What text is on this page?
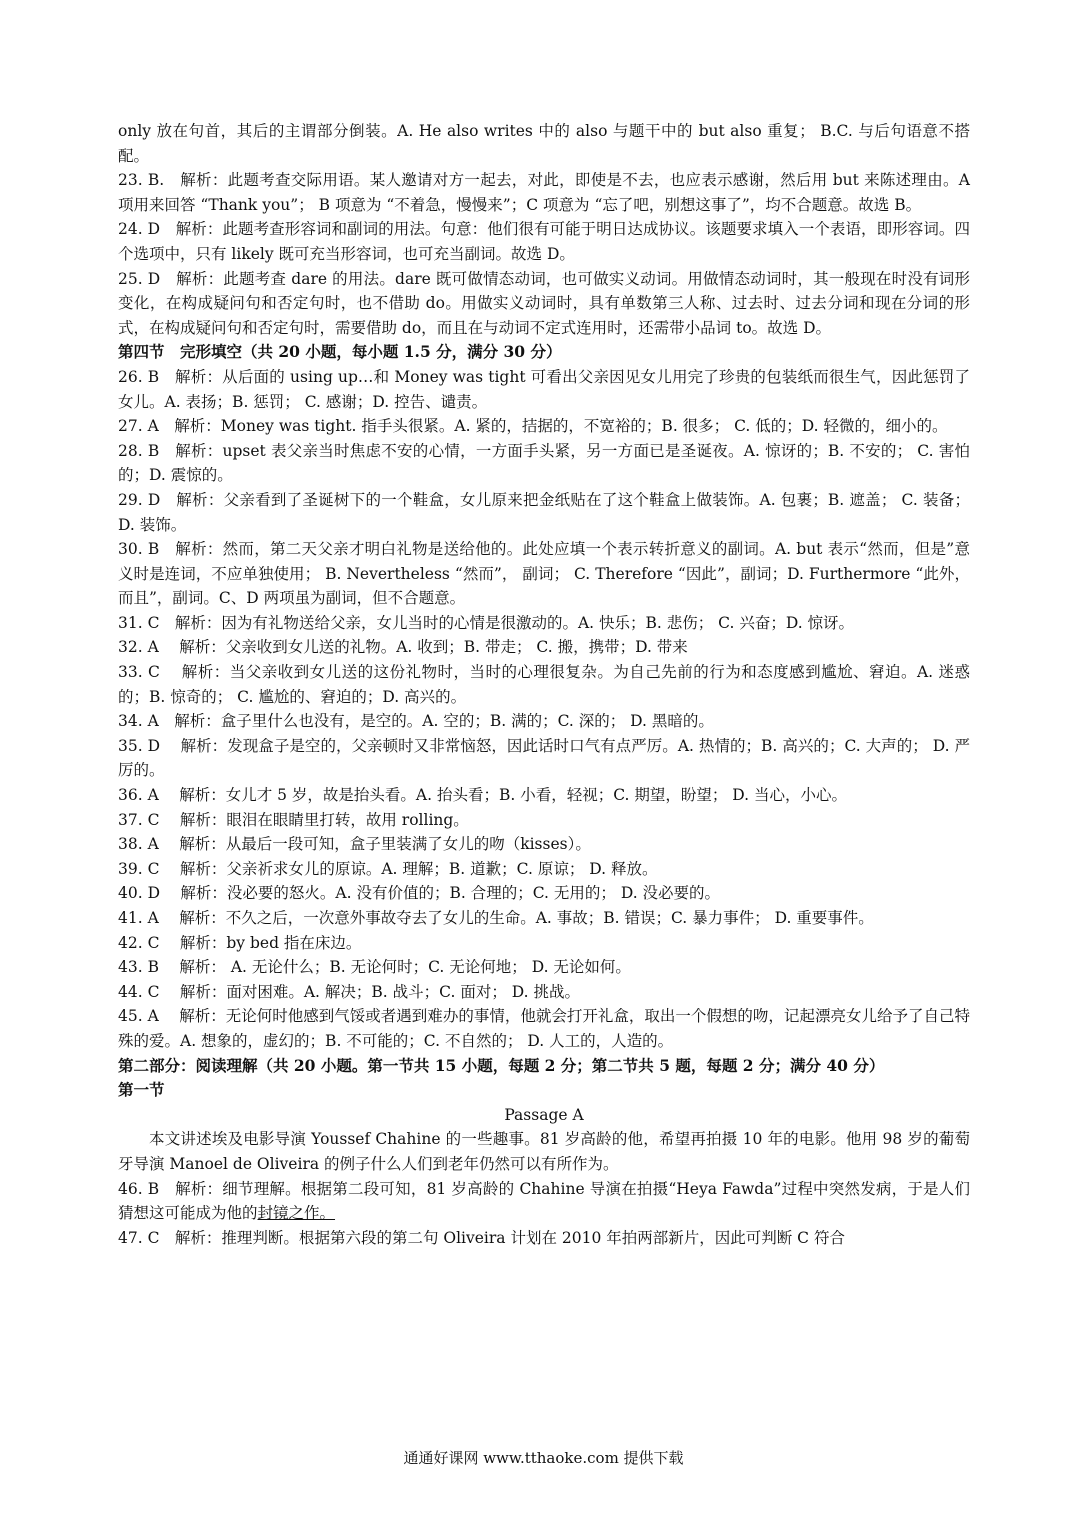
only 放在句首，其后的主谓部分倒装。A. He also writes 中的 also 与题干中的 but also 重复； B.C. 与后句语意不搭配。

23. B.　解析：此题考查交际用语。某人邀请对方一起去，对此，即使是不去，也应表示感谢，然后用 but 来陈述理由。A 项用来回答 “Thank you”； B 项意为 “不着急，慢慢来”；C 项意为 “忘了吧，别想这事了”，均不合题意。故选 B。

24. D　解析：此题考查形容词和副词的用法。句意：他们很有可能于明日达成协议。该题要求填入一个表语，即形容词。四个选项中，只有 likely 既可充当形容词，也可充当副词。故选 D。

25. D　解析：此题考查 dare 的用法。dare 既可做情态动词，也可做实义动词。用做情态动词时，其一般现在时没有词形变化，在构成疑问句和否定句时，也不借助 do。用做实义动词时，具有单数第三人称、过去时、过去分词和现在分词的形式，在构成疑问句和否定句时，需要借助 do，而且在与动词不定式连用时，还需带小品词 to。故选 D。

第四节　完形填空（共 20 小题，每小题 1.5 分，满分 30 分）

26. B　解析：从后面的 using up…和 Money was tight 可看出父亲因见女儿用完了珍贵的包装纸而很生气，因此惩罚了女儿。A. 表扬；B. 惩罚； C. 感谢；D. 控告、谴责。

27. A　解析：Money was tight. 指手头很紧。A. 紧的，拮据的，不宽裕的；B. 很多； C. 低的；D. 轻微的，细小的。

28. B　解析：upset 表父亲当时焦虑不安的心情，一方面手头紧，另一方面已是圣诞夜。A. 惊讶的；B. 不安的； C. 害怕的；D. 震惊的。

29. D　解析：父亲看到了圣诞树下的一个鞋盒，女儿原来把金纸贴在了这个鞋盒上做装饰。A. 包裹；B. 遮盖； C. 装备；D. 装饰。

30. B　解析：然而，第二天父亲才明白礼物是送给他的。此处应填一个表示转折意义的副词。A. but 表示“然而，但是”意义时是连词，不应单独使用； B. Nevertheless “然而”， 副词； C. Therefore “因此”，副词；D. Furthermore “此外，而且”，副词。C、D 两项虽为副词，但不合题意。

31. C　解析：因为有礼物送给父亲，女儿当时的心情是很激动的。A. 快乐；B. 悲伤； C. 兴奋；D. 惊讶。

32. A　 解析：父亲收到女儿送的礼物。A. 收到；B. 带走； C. 搬，携带；D. 带来

33. C　 解析：当父亲收到女儿送的这份礼物时，当时的心理很复杂。为自己先前的行为和态度感到尴尬、窘迫。A. 迷惑的；B. 惊奇的； C. 尴尬的、窘迫的；D. 高兴的。

34. A　解析：盒子里什么也没有，是空的。A. 空的；B. 满的；C. 深的； D. 黑暗的。

35. D　 解析：发现盒子是空的，父亲顿时又非常恼怒，因此话时口气有点严厉。A. 热情的；B. 高兴的；C. 大声的； D. 严厉的。

36. A　 解析：女儿才 5 岁，故是抬头看。A. 抬头看；B. 小看，轻视；C. 期望，盼望； D. 当心，小心。

37. C　 解析：眼泪在眼睛里打转，故用 rolling。

38. A　 解析：从最后一段可知，盒子里装满了女儿的吻（kisses）。

39. C　 解析：父亲祈求女儿的原谅。A. 理解；B. 道歉；C. 原谅； D. 释放。

40. D　 解析：没必要的怒火。A. 没有价值的；B. 合理的；C. 无用的； D. 没必要的。

41. A　 解析：不久之后，一次意外事故夺去了女儿的生命。A. 事故；B. 错误；C. 暴力事件； D. 重要事件。

42. C　 解析：by bed 指在床边。

43. B　 解析： A. 无论什么；B. 无论何时；C. 无论何地； D. 无论如何。

44. C　 解析：面对困难。A. 解决；B. 战斗；C. 面对； D. 挑战。

45. A　 解析：无论何时他感到气馁或者遇到难办的事情，他就会打开礼盒，取出一个假想的吻，记起漂亮女儿给予了自己特殊的爱。A. 想象的，虚幻的；B. 不可能的；C. 不自然的； D. 人工的，人造的。

第二部分：阅读理解（共 20 小题。第一节共 15 小题，每题 2 分；第二节共 5 题，每题 2 分；满分 40 分）

第一节

Passage A

本文讲述埃及电影导演 Youssef Chahine 的一些趣事。81 岁高龄的他，希望再拍摄 10 年的电影。他用 98 岁的葡萄牙导演 Manoel de Oliveira 的例子什么人们到老年仍然可以有所作为。

46. B　解析：细节理解。根据第二段可知，81 岁高龄的 Chahine 导演在拍摄“Heya Fawda”过程中突然发病，于是人们猜想这可能成为他的封镜之作。

47. C　解析：推理判断。根据第六段的第二句 Oliveira 计划在 2010 年拍两部新片，因此可判断 C 符合

通通好课网 www.tthaoke.com 提供下载
